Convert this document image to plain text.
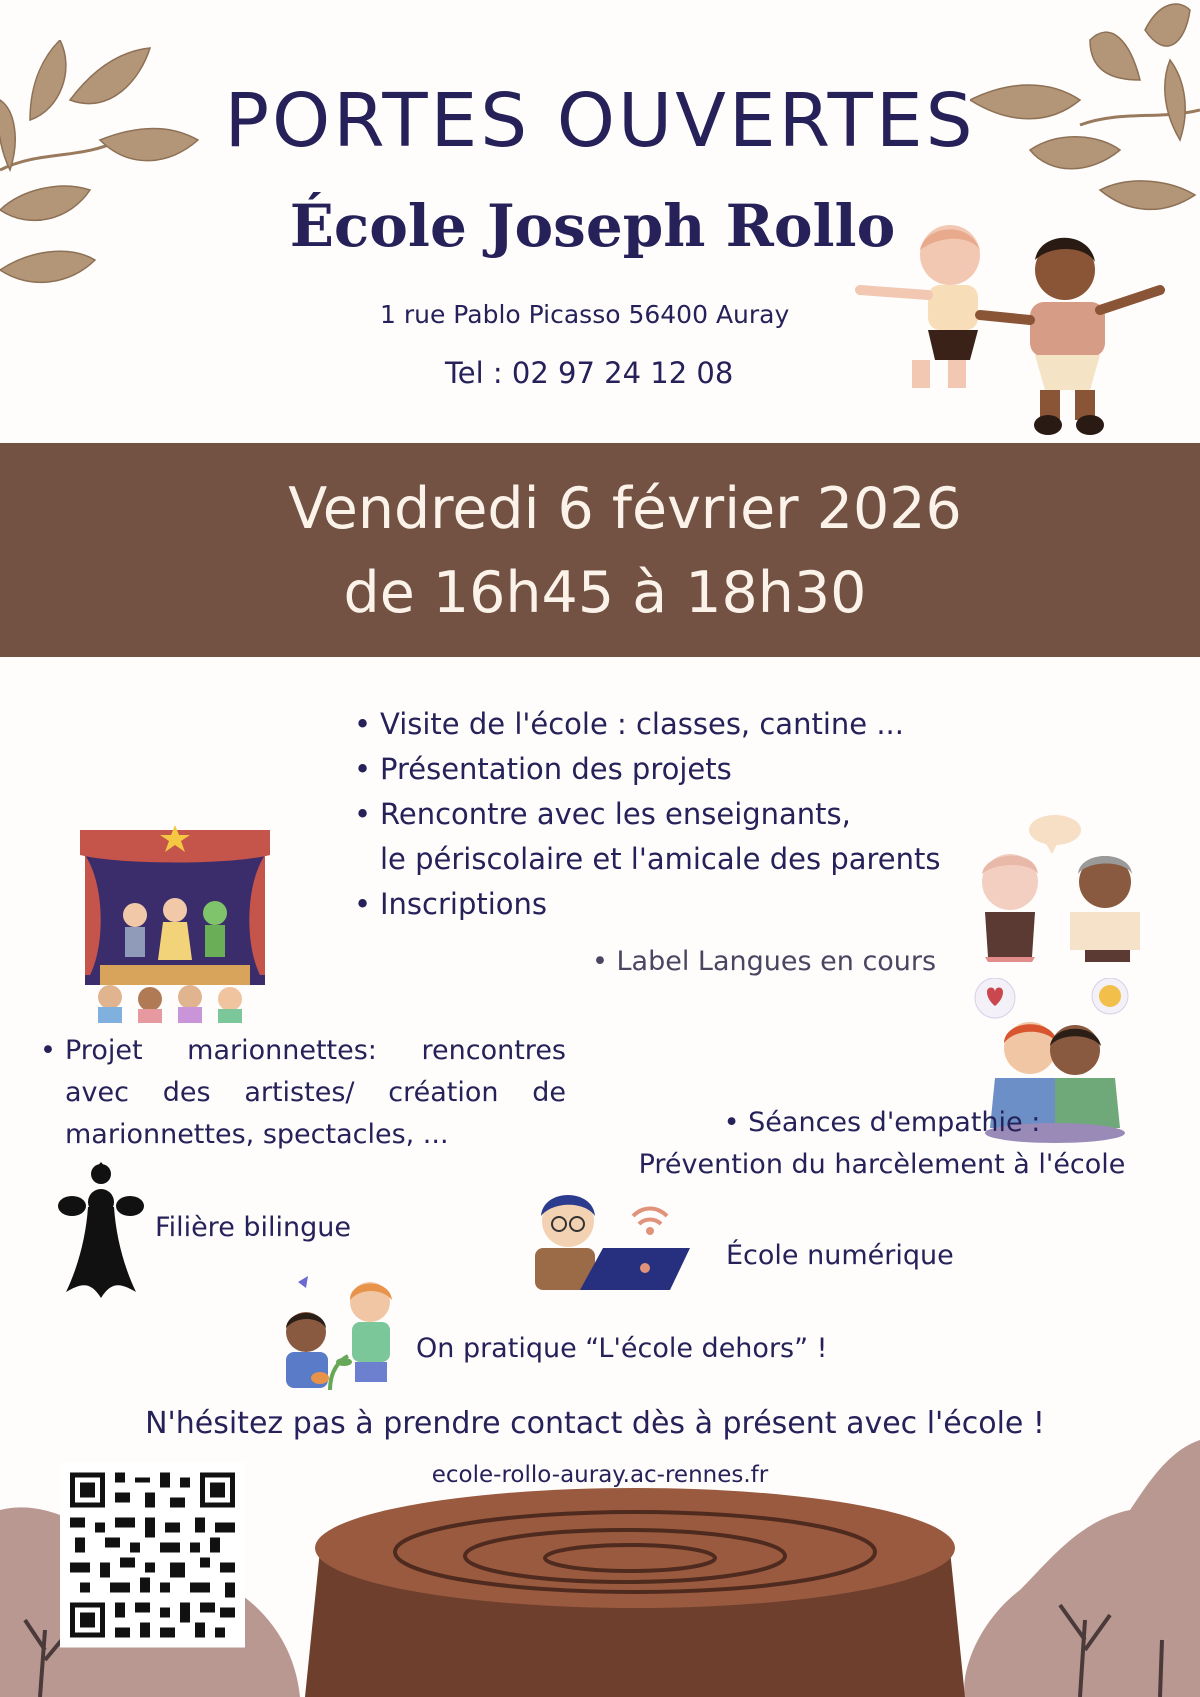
PORTES OUVERTES
École Joseph Rollo
1 rue Pablo Picasso 56400 Auray
Tel : 02 97 24 12 08
Vendredi 6 février 2026
de 16h45 à 18h30
• Visite de l'école : classes, cantine ...
• Présentation des projets
• Rencontre avec les enseignants,
le périscolaire et l'amicale des parents
• Inscriptions
• Label Langues en cours
• Projet marionnettes: rencontres avec des artistes/ création de marionnettes, spectacles, ...	• Séances d'empathie :
Prévention du harcèlement à l'école
Filière bilingue
École numérique
On pratique “L'école dehors” !
N'hésitez pas à prendre contact dès à présent avec l'école !
ecole-rollo-auray.ac-rennes.fr
